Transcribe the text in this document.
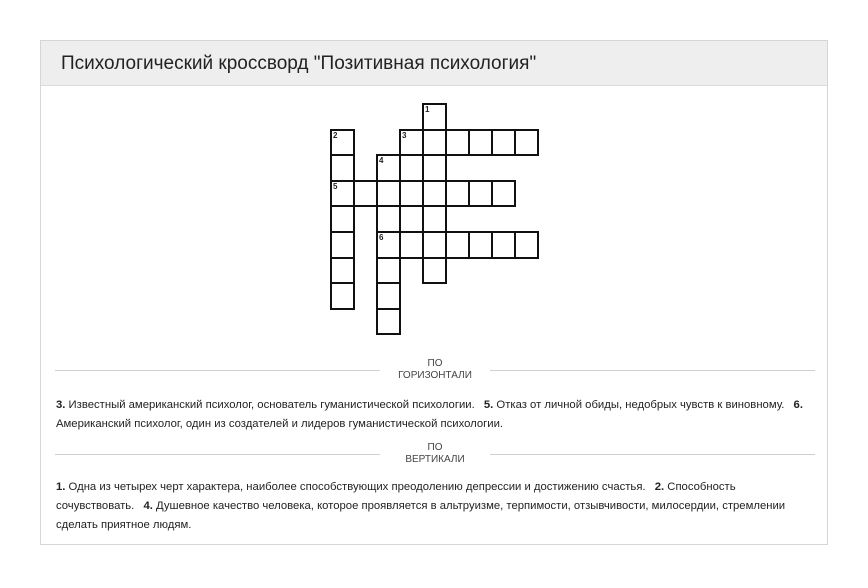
Психологический кроссворд "Позитивная психология"
3
5
6
1
2
4
ПО
ГОРИЗОНТАЛИ
3. Известный американский психолог, основатель гуманистической психологии. 5. Отказ от личной обиды, недобрых чувств к виновному. 6. Американский психолог, один из создателей и лидеров гуманистической психологии.
ПО
ВЕРТИКАЛИ
1. Одна из четырех черт характера, наиболее способствующих преодолению депрессии и достижению счастья. 2. Способность сочувствовать. 4. Душевное качество человека, которое проявляется в альтруизме, терпимости, отзывчивости, милосердии, стремлении сделать приятное людям.
